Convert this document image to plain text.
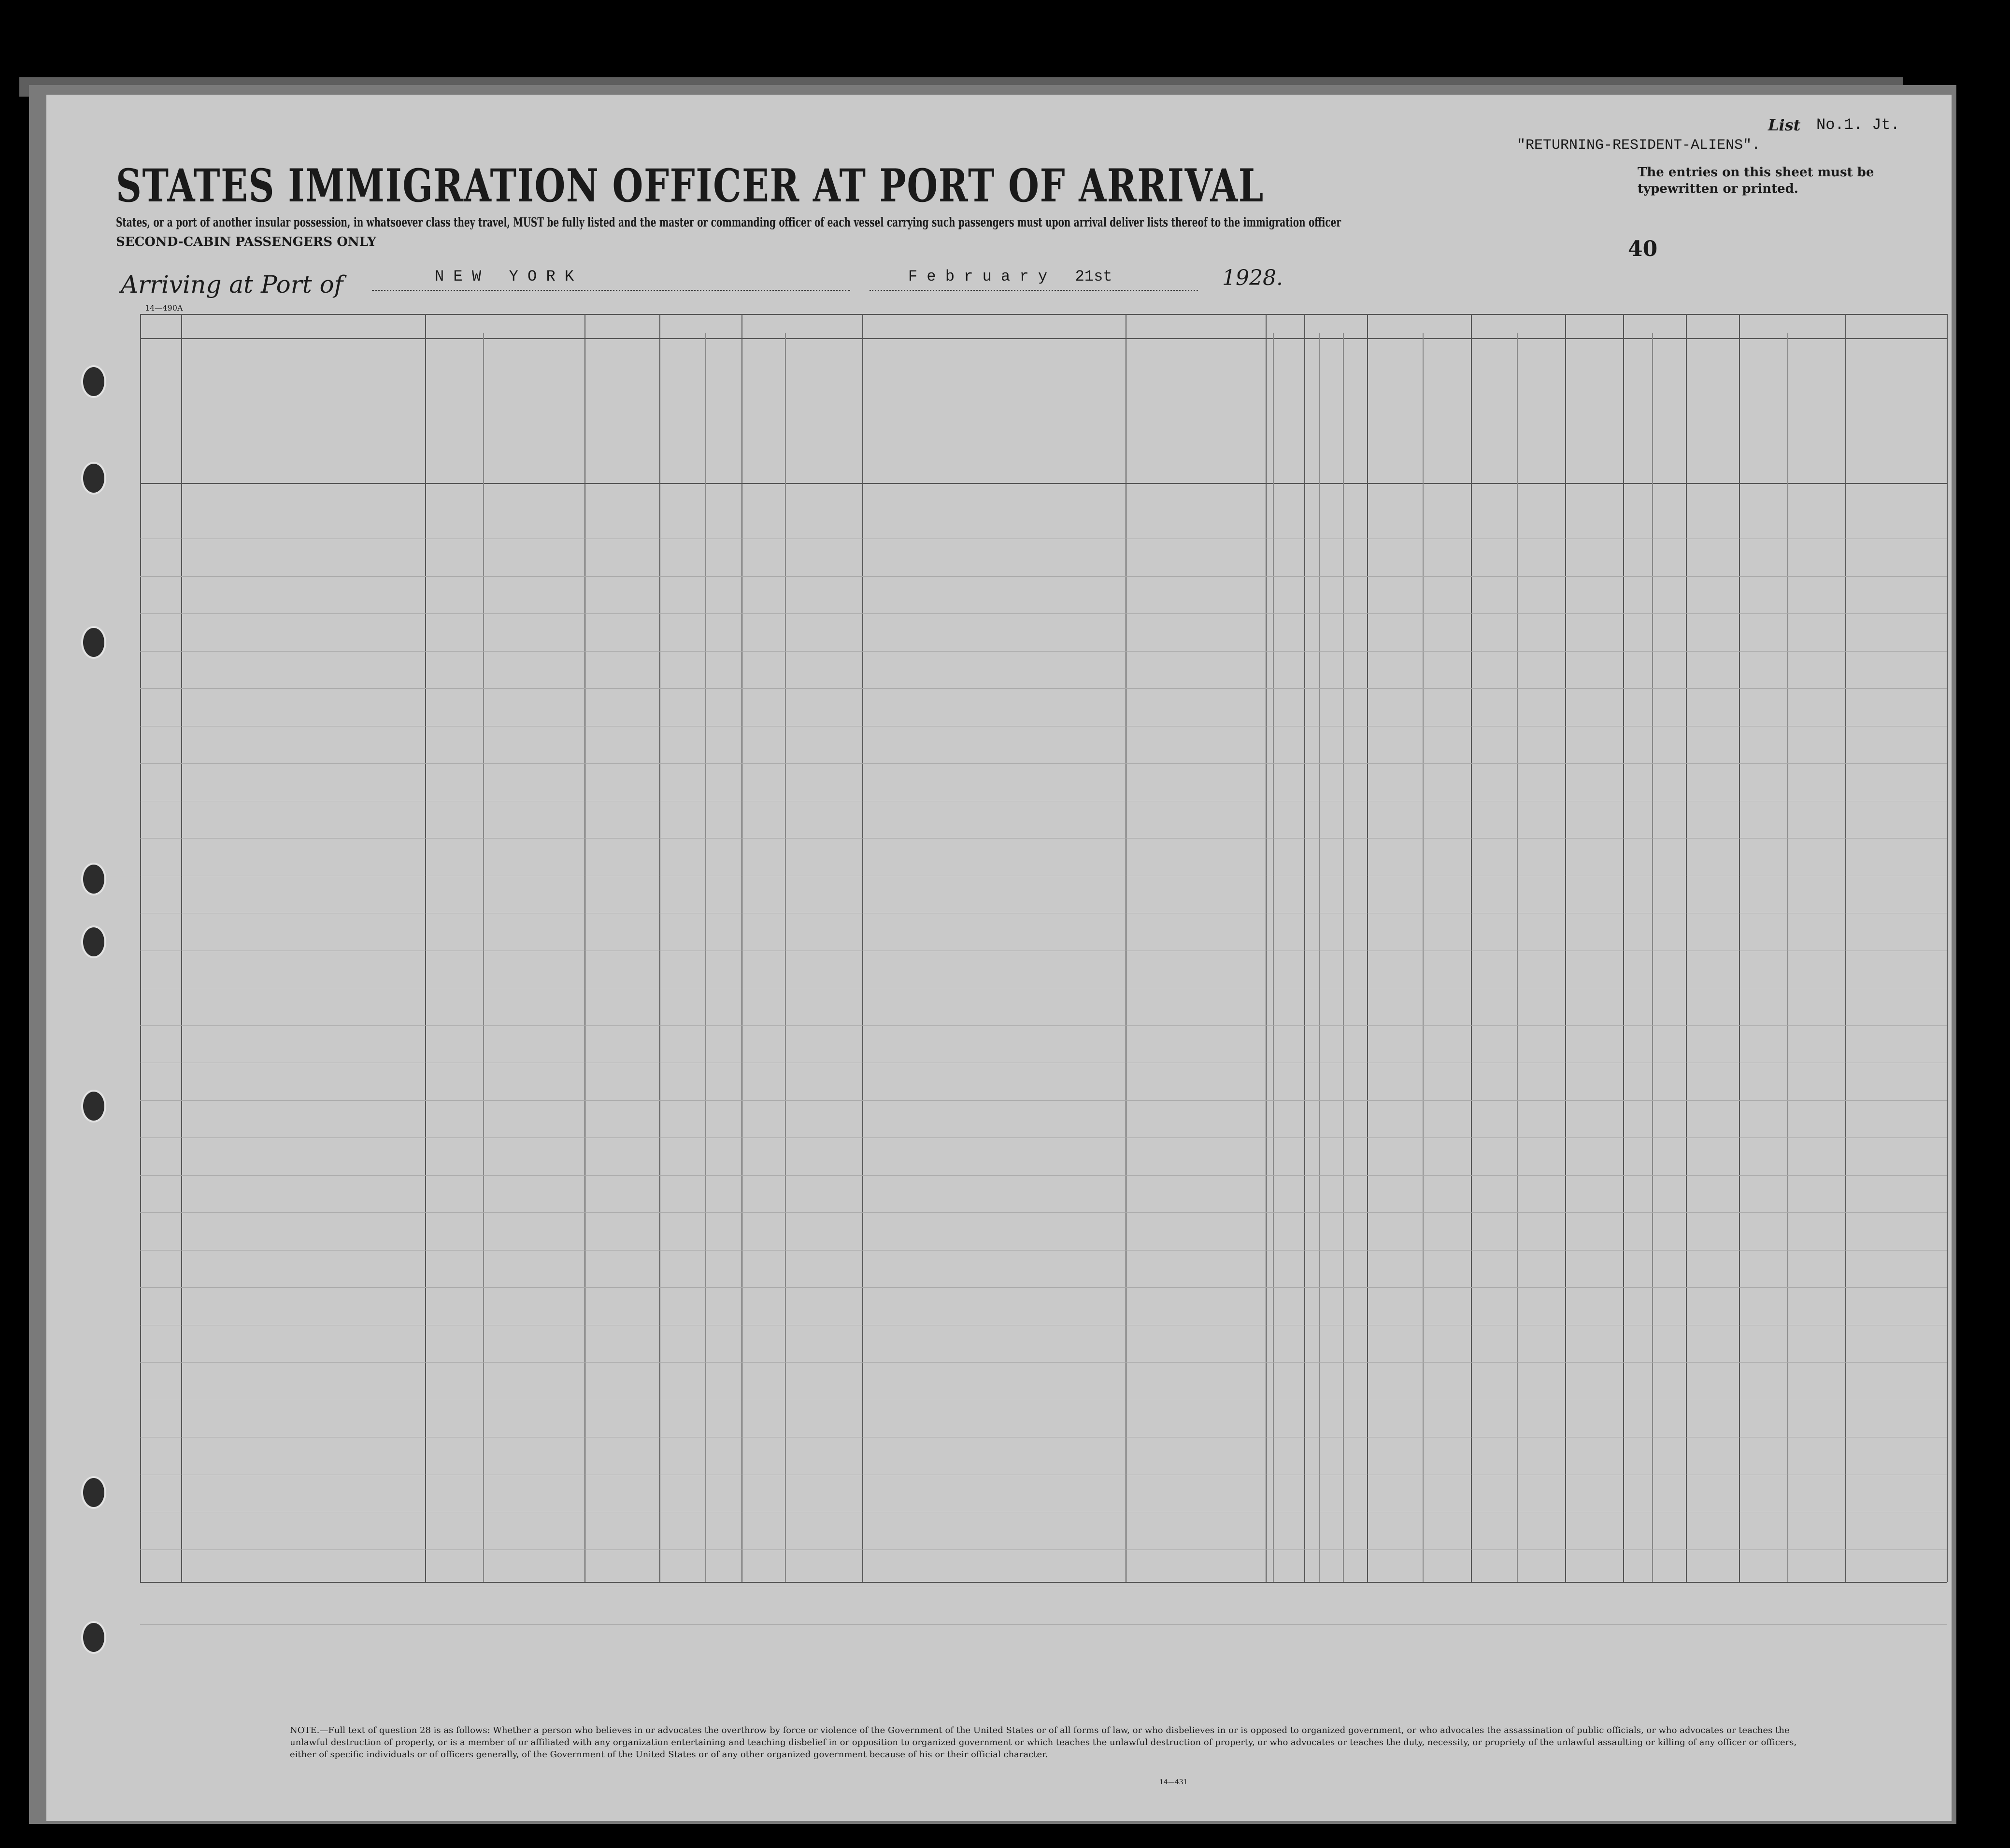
List No.1. Jt.
"RETURNING-RESIDENT-ALIENS".
The entries on this sheet must be typewritten or printed.
40
STATES IMMIGRATION OFFICER AT PORT OF ARRIVAL
States, or a port of another insular possession, in whatsoever class they travel, MUST be fully listed and the master or commanding officer of each vessel carrying such passengers must upon arrival deliver lists thereof to the immigration officer
SECOND-CABIN PASSENGERS ONLY
Arriving at Port of	N E W   Y O R K	F e b r u a r y   21st	1928.
14—490A
NOTE.—Full text of question 28 is as follows: Whether a person who believes in or advocates the overthrow by force or violence of the Government of the United States or of all forms of law, or who disbelieves in or is opposed to organized government, or who advocates the assassination of public officials, or who advocates or teaches the unlawful destruction of property, or is a member of or affiliated with any organization entertaining and teaching disbelief in or opposition to organized government or which teaches the unlawful destruction of property, or who advocates or teaches the duty, necessity, or propriety of the unlawful assaulting or killing of any officer or officers, either of specific individuals or of officers generally, of the Government of the United States or of any other organized government because of his or their official character.
14—431
